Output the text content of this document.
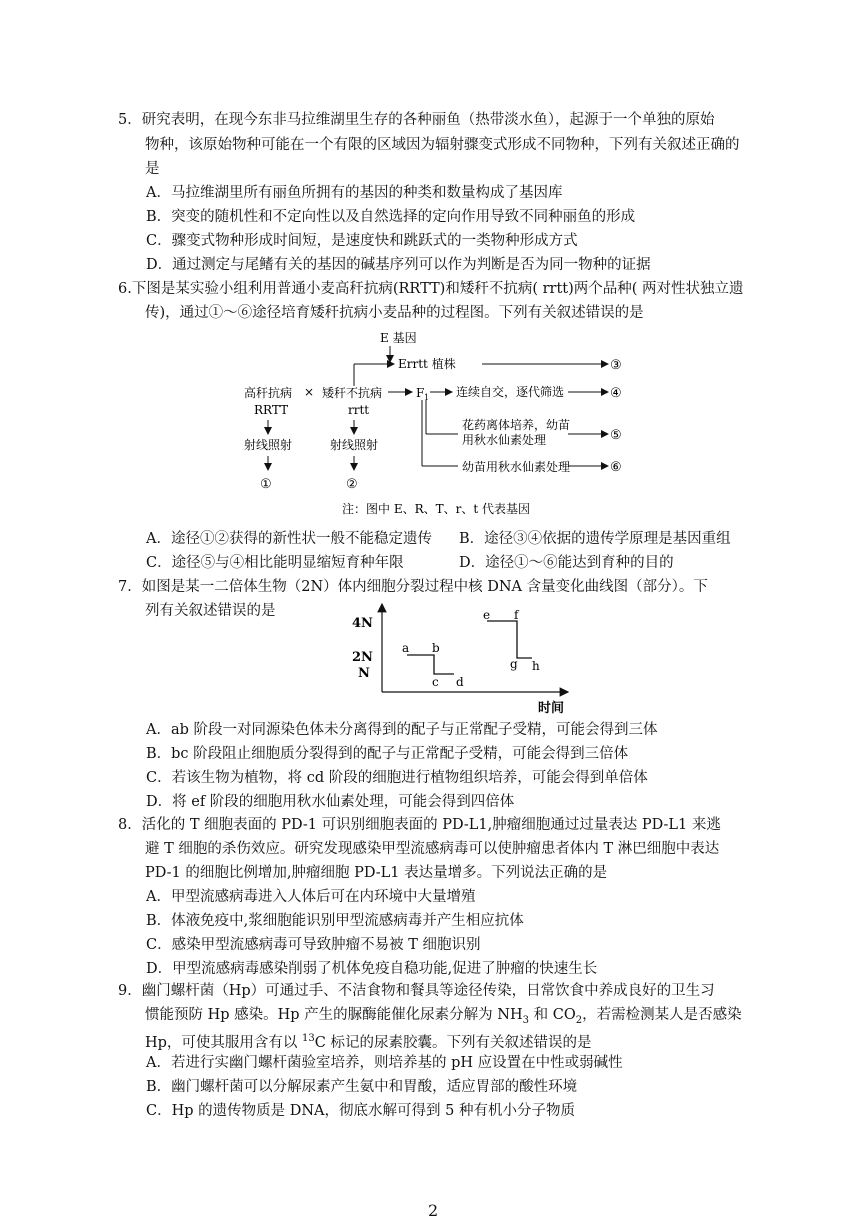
5．研究表明，在现今东非马拉维湖里生存的各种丽鱼（热带淡水鱼），起源于一个单独的原始
物种，该原始物种可能在一个有限的区域因为辐射骤变式形成不同物种，下列有关叙述正确的
是
A．马拉维湖里所有丽鱼所拥有的基因的种类和数量构成了基因库
B．突变的随机性和不定向性以及自然选择的定向作用导致不同种丽鱼的形成
C．骤变式物种形成时间短，是速度快和跳跃式的一类物种形成方式
D．通过测定与尾鳍有关的基因的碱基序列可以作为判断是否为同一物种的证据
6.下图是某实验小组利用普通小麦高秆抗病(RRTT)和矮秆不抗病( rrtt)两个品种( 两对性状独立遗
传)，通过①～⑥途径培育矮秆抗病小麦品种的过程图。下列有关叙述错误的是
E 基因
Errtt 植株	③
高秆抗病
RRTT
× 矮秆不抗病
rrtt
F 1 连续自交，逐代筛选	④
花药离体培养，幼苗
用秋水仙素处理	⑤
幼苗用秋水仙素处理	⑥
射线照射
①
射线照射
②
注：图中 E、R、T、r、t 代表基因
A．途径①②获得的新性状一般不能稳定遗传 B．途径③④依据的遗传学原理是基因重组
C．途径⑤与④相比能明显缩短育种年限	D．途径①～⑥能达到育种的目的
7．如图是某一二倍体生物（2N）体内细胞分裂过程中核 DNA 含量变化曲线图（部分）。下
列有关叙述错误的是
4N
2N
N
时间
a b
c d
e f
g h
A．ab 阶段一对同源染色体未分离得到的配子与正常配子受精，可能会得到三体
B．bc 阶段阻止细胞质分裂得到的配子与正常配子受精，可能会得到三倍体
C．若该生物为植物，将 cd 阶段的细胞进行植物组织培养，可能会得到单倍体
D．将 ef 阶段的细胞用秋水仙素处理，可能会得到四倍体
8．活化的 T 细胞表面的 PD-1 可识别细胞表面的 PD-L1,肿瘤细胞通过过量表达 PD-L1 来逃
避 T 细胞的杀伤效应。研究发现感染甲型流感病毒可以使肿瘤患者体内 T 淋巴细胞中表达
PD-1 的细胞比例增加,肿瘤细胞 PD-L1 表达量增多。下列说法正确的是
A．甲型流感病毒进入人体后可在内环境中大量增殖
B．体液免疫中,浆细胞能识别甲型流感病毒并产生相应抗体
C．感染甲型流感病毒可导致肿瘤不易被 T 细胞识别
D．甲型流感病毒感染削弱了机体免疫自稳功能,促进了肿瘤的快速生长
9．幽门螺杆菌（Hp）可通过手、不洁食物和餐具等途径传染，日常饮食中养成良好的卫生习
惯能预防 Hp 感染。Hp 产生的脲酶能催化尿素分解为 $NH_3$ 和 $CO_2$，若需检测某人是否感染
Hp，可使其服用含有以 $^{13}$C 标记的尿素胶囊。下列有关叙述错误的是
A．若进行实幽门螺杆菌验室培养，则培养基的 pH 应设置在中性或弱碱性
B．幽门螺杆菌可以分解尿素产生氨中和胃酸，适应胃部的酸性环境
C．Hp 的遗传物质是 DNA，彻底水解可得到 5 种有机小分子物质
2
